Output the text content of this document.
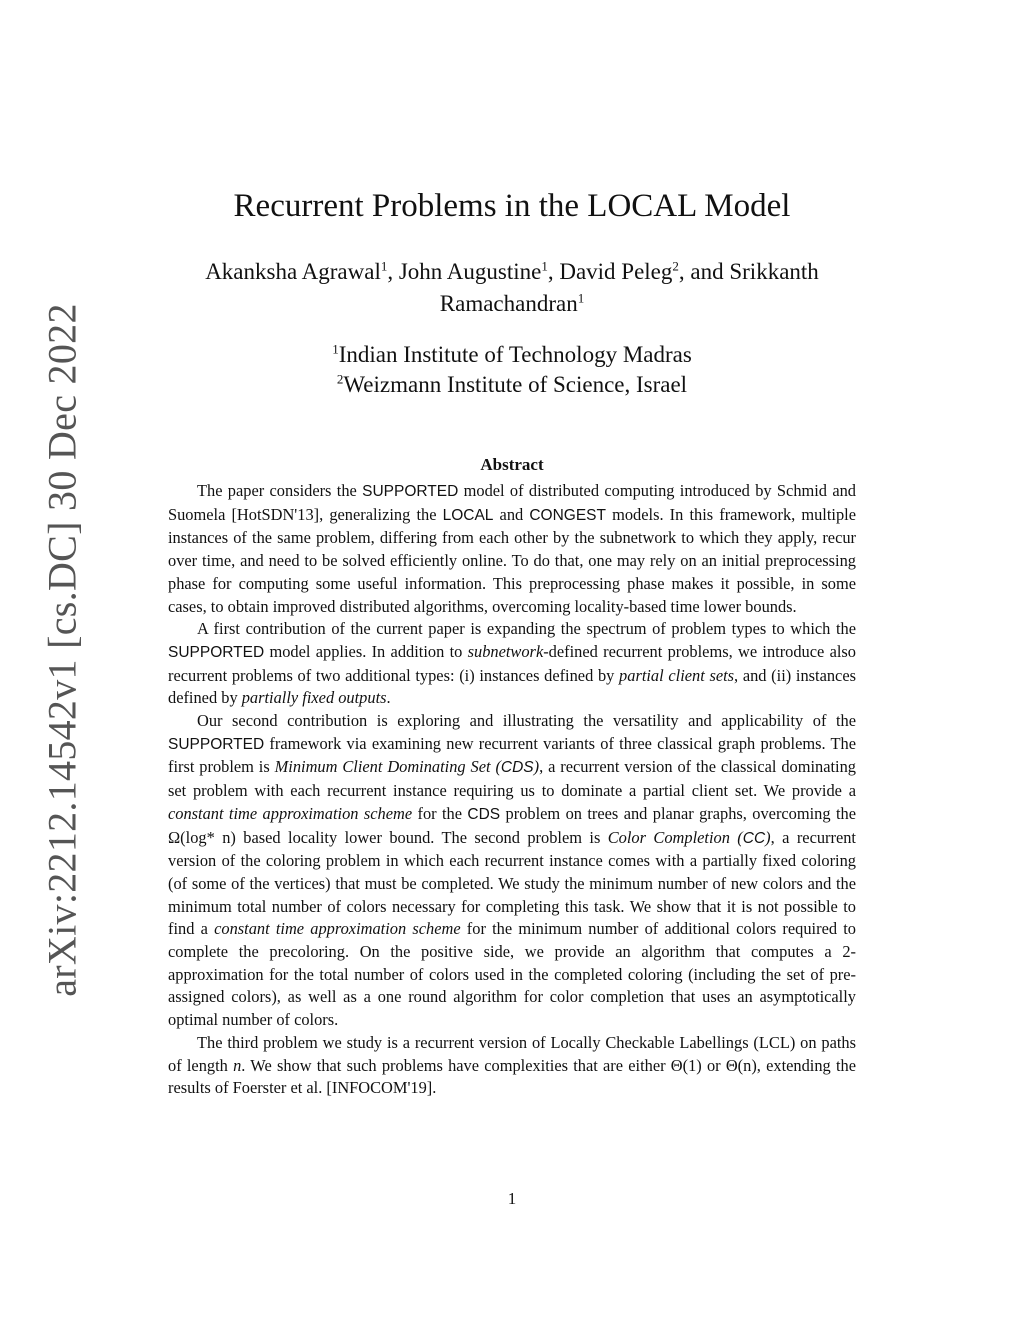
arXiv:2212.14542v1 [cs.DC] 30 Dec 2022
Recurrent Problems in the LOCAL Model
Akanksha Agrawal$^1$, John Augustine$^1$, David Peleg$^2$, and Srikkanth Ramachandran$^1$
$^1$Indian Institute of Technology Madras
$^2$Weizmann Institute of Science, Israel
Abstract

The paper considers the SUPPORTED model of distributed computing introduced by Schmid and Suomela [HotSDN'13], generalizing the LOCAL and CONGEST models. In this framework, multiple instances of the same problem, differing from each other by the subnetwork to which they apply, recur over time, and need to be solved efficiently online. To do that, one may rely on an initial preprocessing phase for computing some useful information. This preprocessing phase makes it possible, in some cases, to obtain improved distributed algorithms, overcoming locality-based time lower bounds.

A first contribution of the current paper is expanding the spectrum of problem types to which the SUPPORTED model applies. In addition to subnetwork-defined recurrent problems, we introduce also recurrent problems of two additional types: (i) instances defined by partial client sets, and (ii) instances defined by partially fixed outputs.

Our second contribution is exploring and illustrating the versatility and applicability of the SUPPORTED framework via examining new recurrent variants of three classical graph problems. The first problem is Minimum Client Dominating Set (CDS), a recurrent version of the classical dominating set problem with each recurrent instance requiring us to dominate a partial client set. We provide a constant time approximation scheme for the CDS problem on trees and planar graphs, overcoming the Ω(log* n) based locality lower bound. The second problem is Color Completion (CC), a recurrent version of the coloring problem in which each recurrent instance comes with a partially fixed coloring (of some of the vertices) that must be completed. We study the minimum number of new colors and the minimum total number of colors necessary for completing this task. We show that it is not possible to find a constant time approximation scheme for the minimum number of additional colors required to complete the precoloring. On the positive side, we provide an algorithm that computes a 2-approximation for the total number of colors used in the completed coloring (including the set of pre-assigned colors), as well as a one round algorithm for color completion that uses an asymptotically optimal number of colors.

The third problem we study is a recurrent version of Locally Checkable Labellings (LCL) on paths of length n. We show that such problems have complexities that are either Θ(1) or Θ(n), extending the results of Foerster et al. [INFOCOM'19].

1
